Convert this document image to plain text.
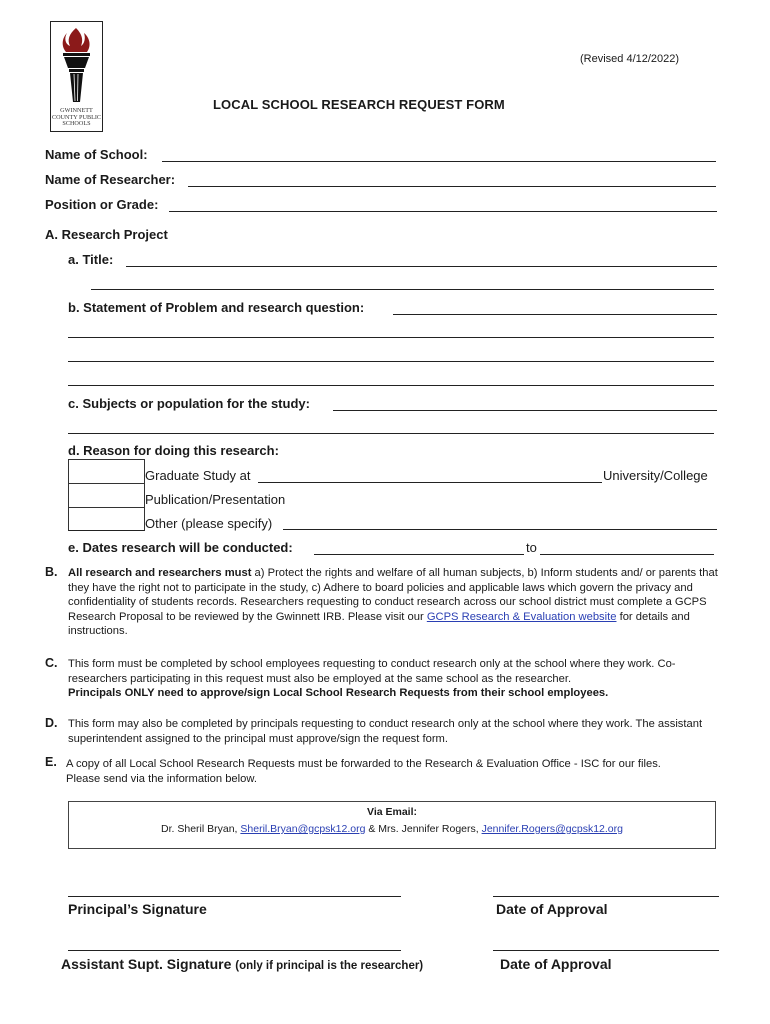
GWINNETT COUNTY PUBLIC SCHOOLS
(Revised 4/12/2022)
LOCAL SCHOOL RESEARCH REQUEST FORM
Name of School:
Name of Researcher:
Position or Grade:
A. Research Project
a. Title:
b. Statement of Problem and research question:
c. Subjects or population for the study:
d. Reason for doing this research:
Graduate Study at	University/College
Publication/Presentation
Other (please specify)
e. Dates research will be conducted:	to
B. All research and researchers must a) Protect the rights and welfare of all human subjects, b) Inform students and/ or parents that they have the right not to participate in the study, c) Adhere to board policies and applicable laws which govern the privacy and confidentiality of students records. Researchers requesting to conduct research across our school district must complete a GCPS Research Proposal to be reviewed by the Gwinnett IRB. Please visit our GCPS Research & Evaluation website for details and instructions.
C. This form must be completed by school employees requesting to conduct research only at the school where they work. Co-researchers participating in this request must also be employed at the same school as the researcher.
Principals ONLY need to approve/sign Local School Research Requests from their school employees.
D. This form may also be completed by principals requesting to conduct research only at the school where they work. The assistant superintendent assigned to the principal must approve/sign the request form.
E. A copy of all Local School Research Requests must be forwarded to the Research & Evaluation Office - ISC for our files. Please send via the information below.
Via Email:
Dr. Sheril Bryan, Sheril.Bryan@gcpsk12.org & Mrs. Jennifer Rogers, Jennifer.Rogers@gcpsk12.org
Principal’s Signature	Date of Approval
Assistant Supt. Signature (only if principal is the researcher)	Date of Approval
